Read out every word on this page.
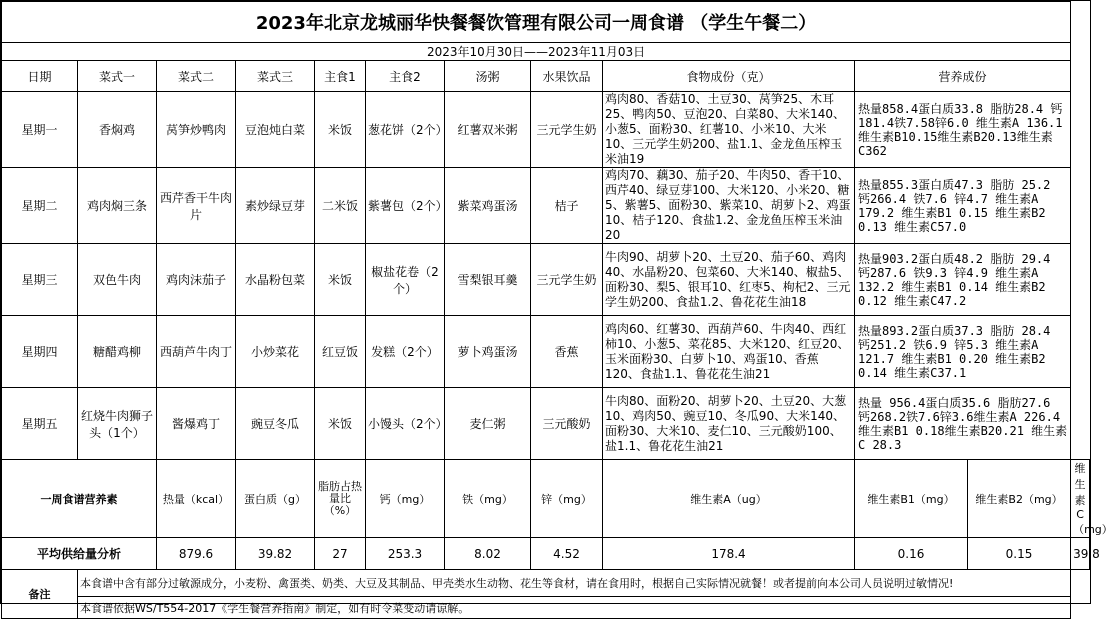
2023年北京龙城丽华快餐餐饮管理有限公司一周食谱 （学生午餐二）											
2023年10月30日——2023年11月03日											
日期	菜式一	菜式二	菜式三	主食1	主食2	汤粥	水果饮品	食物成份（克）	营养成份		
星期一	香焖鸡	莴笋炒鸭肉	豆泡炖白菜	米饭	葱花饼（2个）	红薯双米粥	三元学生奶	鸡肉80、香菇10、土豆30、莴笋25、木耳25、鸭肉50、豆泡20、白菜80、大米140、小葱5、面粉30、红薯10、小米10、大米10、三元学生奶200、盐1.1、金龙鱼压榨玉米油19	热量858.4蛋白质33.8 脂肪28.4 钙181.4铁7.58锌6.0 维生素A 136.1维生素B10.15维生素B20.13维生素C362		
星期二	鸡肉焖三条	西芹香干牛肉片	素炒绿豆芽	二米饭	紫薯包（2个）	紫菜鸡蛋汤	桔子	鸡肉70、藕30、茄子20、牛肉50、香干10、西芹40、绿豆芽100、大米120、小米20、糖5、紫薯5、面粉30、紫菜10、胡萝卜2、鸡蛋10、桔子120、食盐1.2、金龙鱼压榨玉米油20	热量855.3蛋白质47.3 脂肪 25.2 钙266.4 铁7.6 锌4.7 维生素A 179.2 维生素B1 0.15 维生素B2 0.13 维生素C57.0		
星期三	双色牛肉	鸡肉沫茄子	水晶粉包菜	米饭	椒盐花卷（2个）	雪梨银耳羹	三元学生奶	牛肉90、胡萝卜20、土豆20、茄子60、鸡肉40、水晶粉20、包菜60、大米140、椒盐5、面粉30、梨5、银耳10、红枣5、枸杞2、三元学生奶200、食盐1.2、鲁花花生油18	热量903.2蛋白质48.2 脂肪 29.4 钙287.6 铁9.3 锌4.9 维生素A 132.2 维生素B1 0.14 维生素B2 0.12 维生素C47.2		
星期四	糖醋鸡柳	西葫芦牛肉丁	小炒菜花	红豆饭	发糕（2个）	萝卜鸡蛋汤	香蕉	鸡肉60、红薯30、西葫芦60、牛肉40、西红柿10、小葱5、菜花85、大米120、红豆20、玉米面粉30、白萝卜10、鸡蛋10、香蕉120、食盐1.1、鲁花花生油21	热量893.2蛋白质37.3 脂肪 28.4 钙251.2 铁6.9 锌5.3 维生素A 121.7 维生素B1 0.20 维生素B2 0.14 维生素C37.1		
星期五	红烧牛肉狮子头（1个）	酱爆鸡丁	豌豆冬瓜	米饭	小馒头（2个）	麦仁粥	三元酸奶	牛肉80、面粉20、胡萝卜20、土豆20、大葱10、鸡肉50、豌豆10、冬瓜90、大米140、面粉30、大米10、麦仁10、三元酸奶100、盐1.1、鲁花花生油21	热量 956.4蛋白质35.6 脂肪27.6 钙268.2铁7.6锌3.6维生素A 226.4维生素B1 0.18维生素B20.21 维生素C 28.3		
一周食谱营养素		热量（kcal）	蛋白质（g）	脂肪占热量比（%）	钙（mg）	铁（mg）	锌（mg）	维生素A（ug）	维生素B1（mg）	维生素B2（mg）	维生素C（mg）
平均供给量分析		879.6	39.82	27	253.3	8.02	4.52	178.4	0.16	0.15	39.8
备注	本食谱中含有部分过敏源成分，小麦粉、禽蛋类、奶类、大豆及其制品、甲壳类水生动物、花生等食材，请在食用时，根据自己实际情况就餐！或者提前向本公司人员说明过敏情况!										
	本食谱依据WS/T554-2017《学生餐营养指南》制定，如有时令菜变动请谅解。										
